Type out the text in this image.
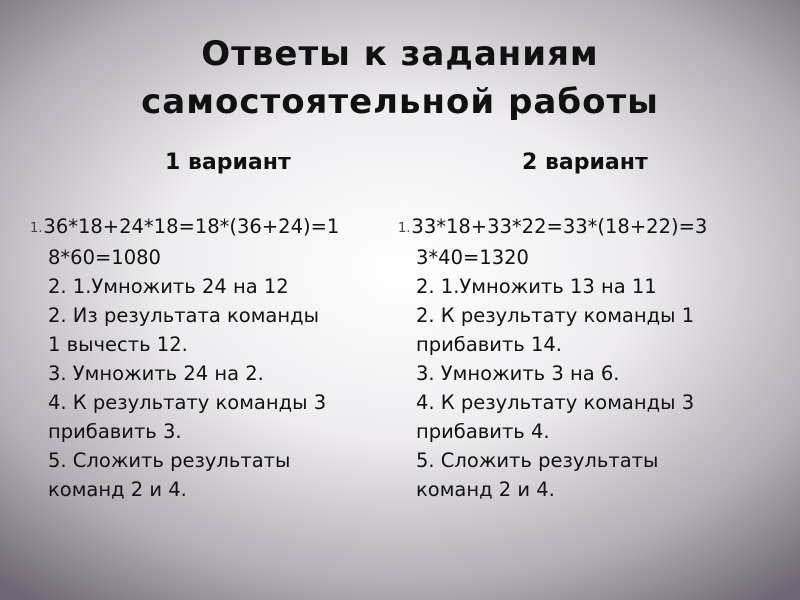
Ответы к заданиям
самостоятельной работы
1 вариант	2 вариант
1.36*18+24*18=18*(36+24)=1
8*60=1080
2. 1.Умножить 24 на 12
2. Из результата команды
1 вычесть 12.
3. Умножить 24 на 2.
4. К результату команды 3
прибавить 3.
5. Сложить результаты
команд 2 и 4.
1.33*18+33*22=33*(18+22)=3
3*40=1320
2. 1.Умножить 13 на 11
2. К результату команды 1
прибавить 14.
3. Умножить 3 на 6.
4. К результату команды 3
прибавить 4.
5. Сложить результаты
команд 2 и 4.
